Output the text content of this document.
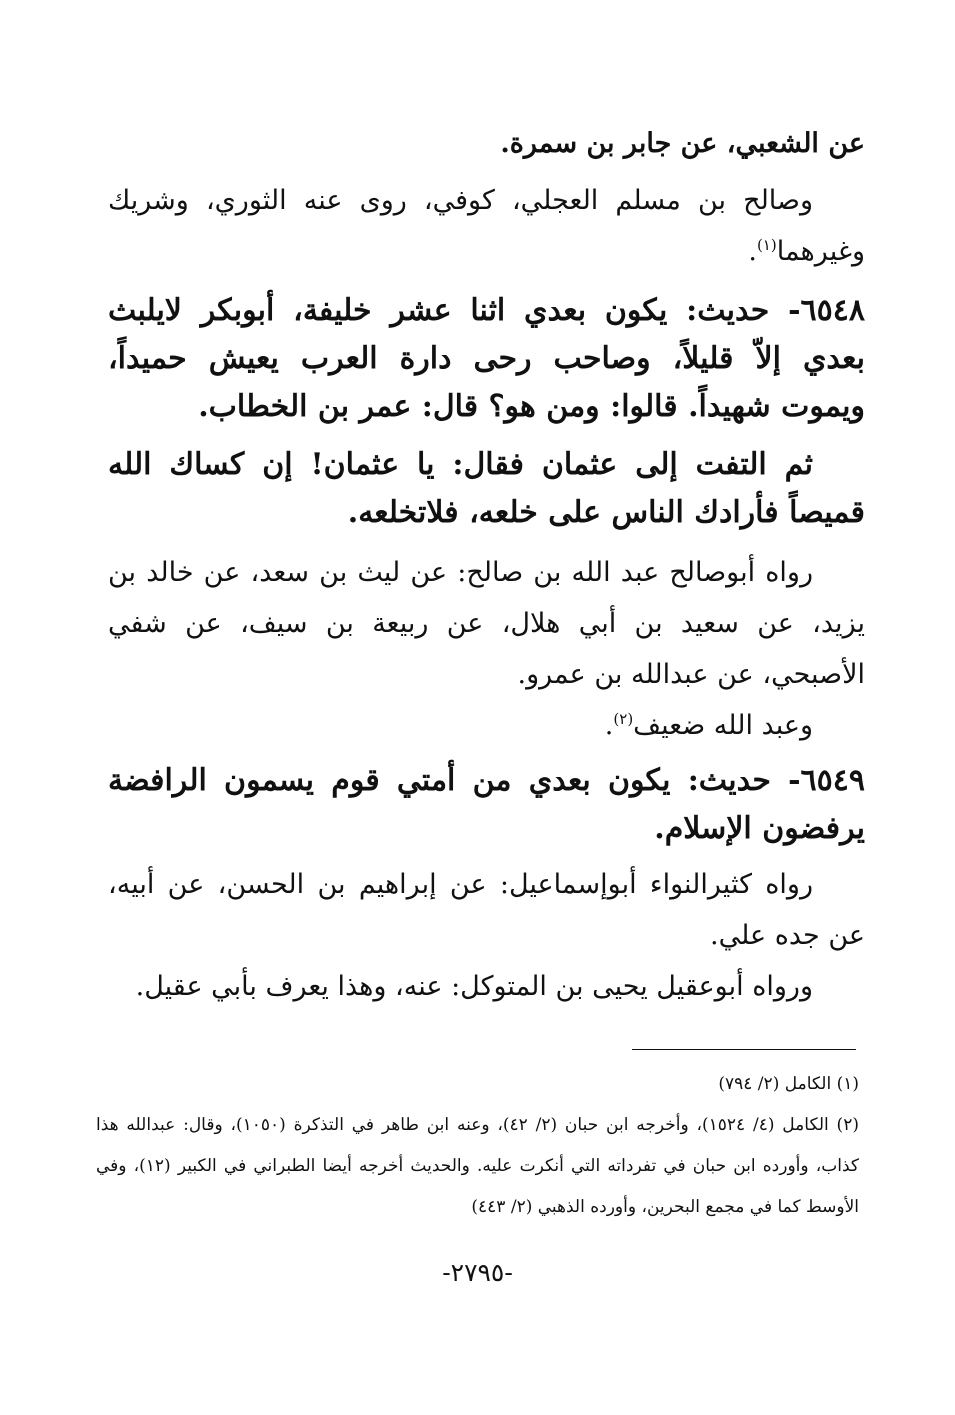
عن الشعبي، عن جابر بن سمرة.

وصالح بن مسلم العجلي، كوفي، روى عنه الثوري، وشريك وغيرهما$^{(١)}$.

٦٥٤٨- حديث: يكون بعدي اثنا عشر خليفة، أبوبكر لايلبث بعدي إلاّ قليلاً، وصاحب رحى دارة العرب يعيش حميداً، ويموت شهيداً. قالوا: ومن هو؟ قال: عمر بن الخطاب.

ثم التفت إلى عثمان فقال: يا عثمان! إن كساك الله قميصاً فأرادك الناس على خلعه، فلاتخلعه.

رواه أبوصالح عبد الله بن صالح: عن ليث بن سعد، عن خالد بن يزيد، عن سعيد بن أبي هلال، عن ربيعة بن سيف، عن شفي الأصبحي، عن عبدالله بن عمرو.

وعبد الله ضعيف$^{(٢)}$.

٦٥٤٩- حديث: يكون بعدي من أمتي قوم يسمون الرافضة يرفضون الإسلام.

رواه كثيرالنواء أبوإسماعيل: عن إبراهيم بن الحسن، عن أبيه، عن جده علي.

ورواه أبوعقيل يحيى بن المتوكل: عنه، وهذا يعرف بأبي عقيل.

(١) الكامل (٢/ ٧٩٤)

(٢) الكامل (٤/ ١٥٢٤)، وأخرجه ابن حبان (٢/ ٤٢)، وعنه ابن طاهر في التذكرة (١٠٥٠)، وقال: عبدالله هذا كذاب، وأورده ابن حبان في تفرداته التي أنكرت عليه. والحديث أخرجه أيضا الطبراني في الكبير (١٢)، وفي الأوسط كما في مجمع البحرين، وأورده الذهبي (٢/ ٤٤٣)

-٢٧٩٥-
